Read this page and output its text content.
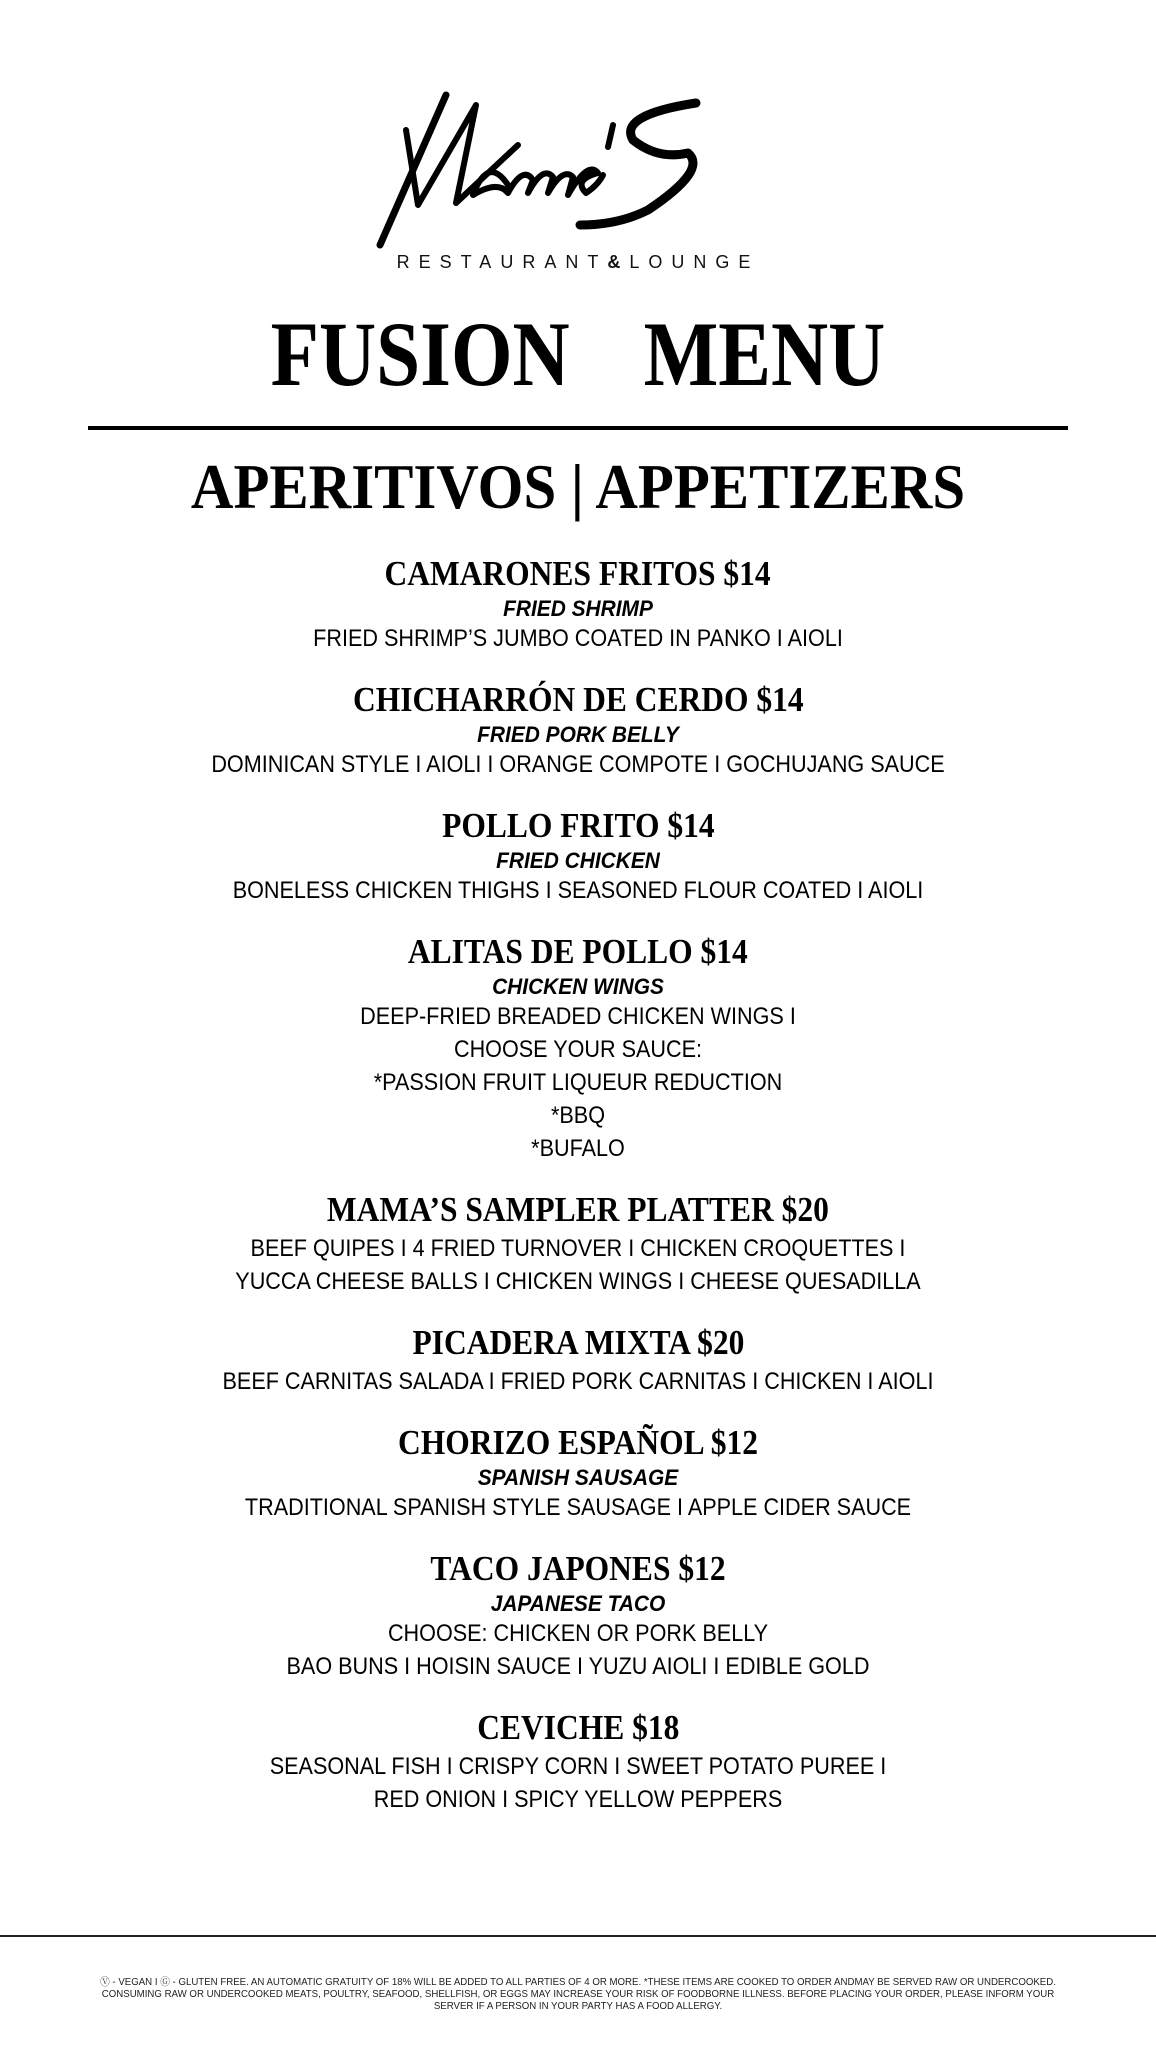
RESTAURANT&LOUNGE
FUSION  MENU
APERITIVOS | APPETIZERS
CAMARONES FRITOS $14
FRIED SHRIMP
FRIED SHRIMP’S JUMBO COATED IN PANKO I AIOLI
CHICHARRÓN DE CERDO $14
FRIED PORK BELLY
DOMINICAN STYLE I AIOLI I ORANGE COMPOTE I GOCHUJANG SAUCE
POLLO FRITO $14
FRIED CHICKEN
BONELESS CHICKEN THIGHS I SEASONED FLOUR COATED I AIOLI
ALITAS DE POLLO $14
CHICKEN WINGS
DEEP-FRIED BREADED CHICKEN WINGS I
CHOOSE YOUR SAUCE:
*PASSION FRUIT LIQUEUR REDUCTION
*BBQ
*BUFALO
MAMA’S SAMPLER PLATTER $20
BEEF QUIPES I 4 FRIED TURNOVER I CHICKEN CROQUETTES I
YUCCA CHEESE BALLS I CHICKEN WINGS I CHEESE QUESADILLA
PICADERA MIXTA $20
BEEF CARNITAS SALADA I FRIED PORK CARNITAS I CHICKEN I AIOLI
CHORIZO ESPAÑOL $12
SPANISH SAUSAGE
TRADITIONAL SPANISH STYLE SAUSAGE I APPLE CIDER SAUCE
TACO JAPONES $12
JAPANESE TACO
CHOOSE: CHICKEN OR PORK BELLY
BAO BUNS I HOISIN SAUCE I YUZU AIOLI I EDIBLE GOLD
CEVICHE $18
SEASONAL FISH I CRISPY CORN I SWEET POTATO PUREE I
RED ONION I SPICY YELLOW PEPPERS
Ⓥ - VEGAN I Ⓖ - GLUTEN FREE. AN AUTOMATIC GRATUITY OF 18% WILL BE ADDED TO ALL PARTIES OF 4 OR MORE. *THESE ITEMS ARE COOKED TO ORDER ANDMAY BE SERVED RAW OR UNDERCOOKED.
CONSUMING RAW OR UNDERCOOKED MEATS, POULTRY, SEAFOOD, SHELLFISH, OR EGGS MAY INCREASE YOUR RISK OF FOODBORNE ILLNESS. BEFORE PLACING YOUR ORDER, PLEASE INFORM YOUR
SERVER IF A PERSON IN YOUR PARTY HAS A FOOD ALLERGY.
